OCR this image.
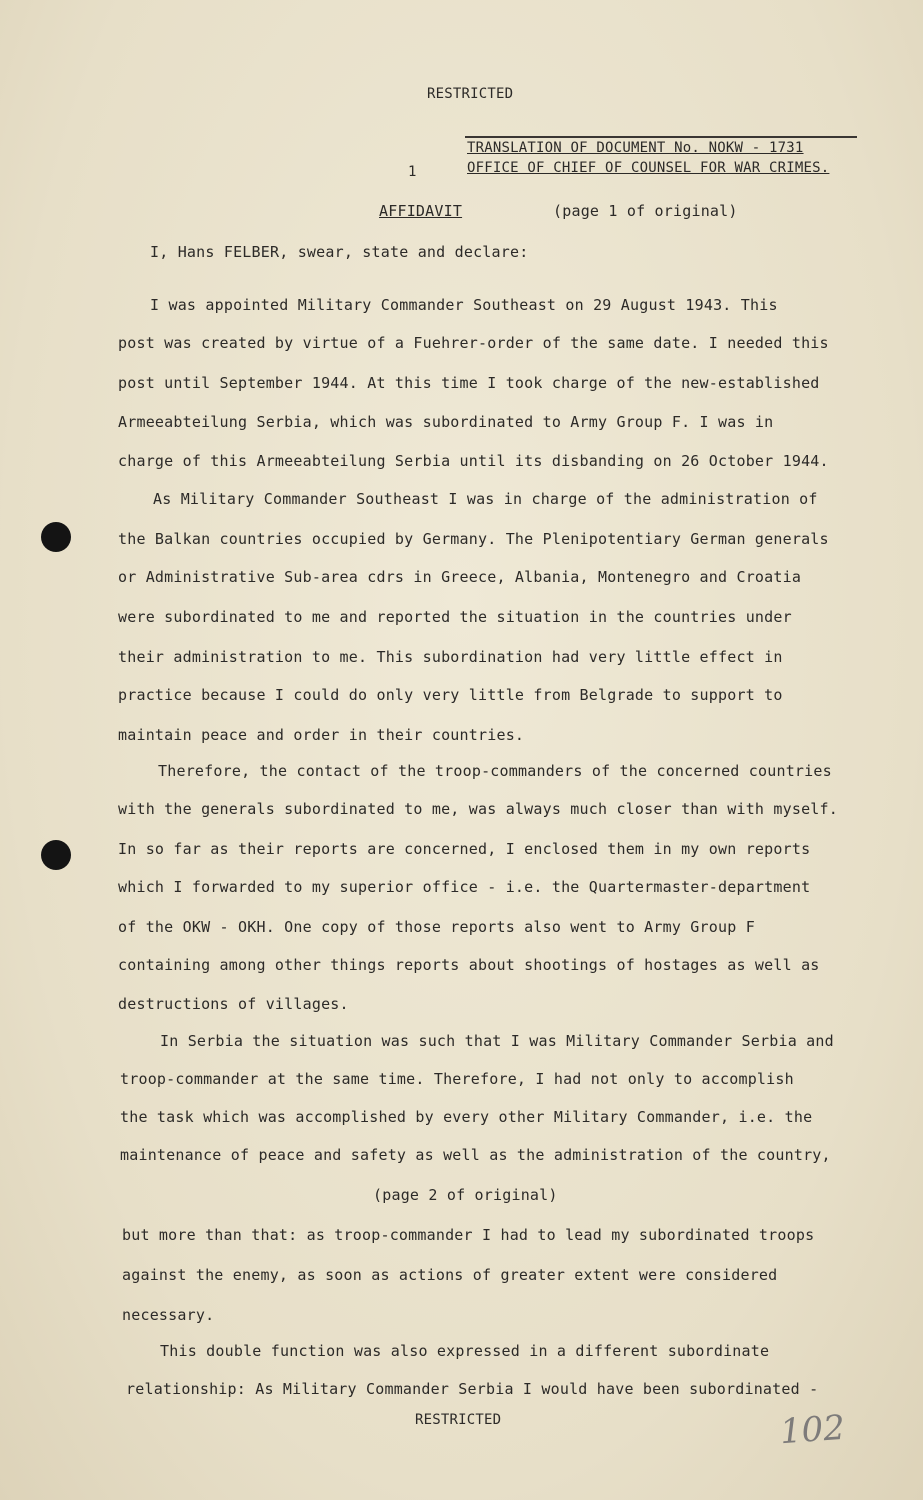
RESTRICTED
TRANSLATION OF DOCUMENT No. NOKW - 1731
1	OFFICE OF CHIEF OF COUNSEL FOR WAR CRIMES.
AFFIDAVIT	(page 1 of original)
I, Hans FELBER, swear, state and declare:
I was appointed Military Commander Southeast on 29 August 1943. This
post was created by virtue of a Fuehrer-order of the same date. I needed this
post until September 1944. At this time I took charge of the new-established
Armeeabteilung Serbia, which was subordinated to Army Group F. I was in
charge of this Armeeabteilung Serbia until its disbanding on 26 October 1944.
As Military Commander Southeast I was in charge of the administration of
the Balkan countries occupied by Germany. The Plenipotentiary German generals
or Administrative Sub-area cdrs in Greece, Albania, Montenegro and Croatia
were subordinated to me and reported the situation in the countries under
their administration to me. This subordination had very little effect in
practice because I could do only very little from Belgrade to support to
maintain peace and order in their countries.
Therefore, the contact of the troop-commanders of the concerned countries
with the generals subordinated to me, was always much closer than with myself.
In so far as their reports are concerned, I enclosed them in my own reports
which I forwarded to my superior office - i.e. the Quartermaster-department
of the OKW - OKH. One copy of those reports also went to Army Group F
containing among other things reports about shootings of hostages as well as
destructions of villages.
In Serbia the situation was such that I was Military Commander Serbia and
troop-commander at the same time. Therefore, I had not only to accomplish
the task which was accomplished by every other Military Commander, i.e. the
maintenance of peace and safety as well as the administration of the country,
(page 2 of original)
but more than that: as troop-commander I had to lead my subordinated troops
against the enemy, as soon as actions of greater extent were considered
necessary.
This double function was also expressed in a different subordinate
relationship: As Military Commander Serbia I would have been subordinated -
RESTRICTED	102
